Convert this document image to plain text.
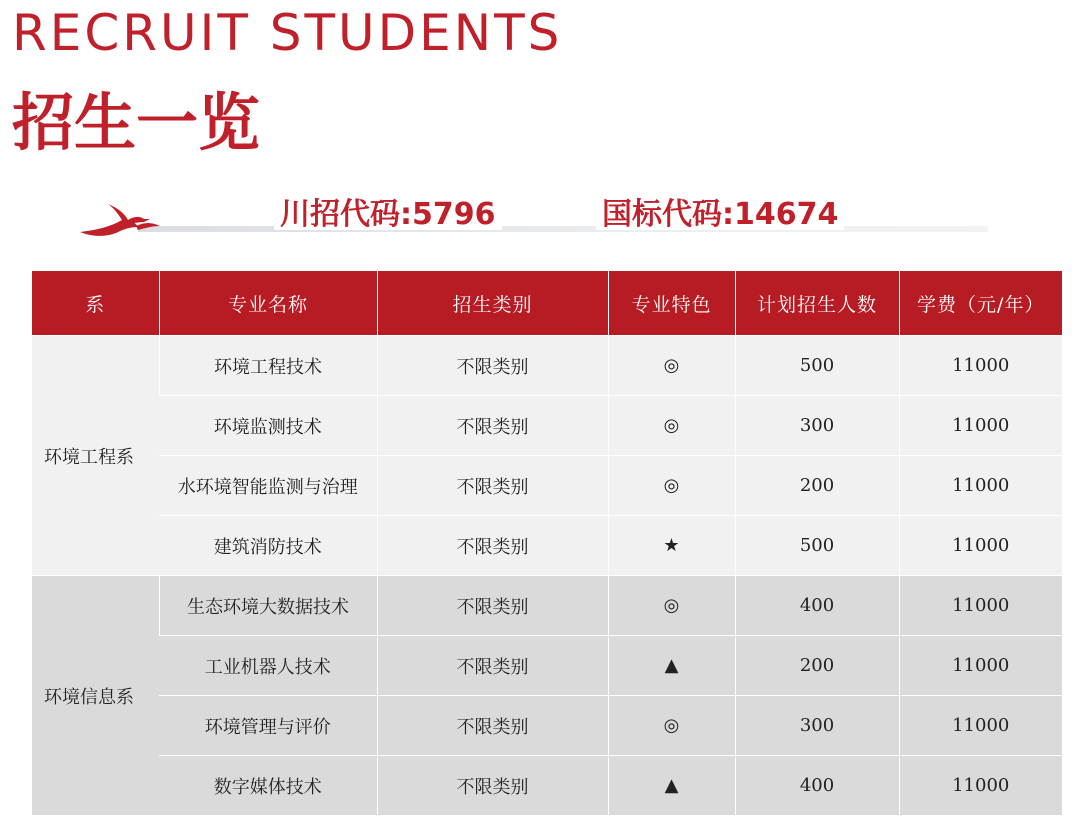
RECRUIT STUDENTS
招生一览
川招代码:5796	国标代码:14674
系	专业名称	招生类别	专业特色	计划招生人数	学费（元/年）
环境工程系	环境工程技术	不限类别	◎	500	11000
	环境监测技术	不限类别	◎	300	11000
	水环境智能监测与治理	不限类别	◎	200	11000
	建筑消防技术	不限类别	★	500	11000
环境信息系	生态环境大数据技术	不限类别	◎	400	11000
	工业机器人技术	不限类别	▲	200	11000
	环境管理与评价	不限类别	◎	300	11000
	数字媒体技术	不限类别	▲	400	11000
